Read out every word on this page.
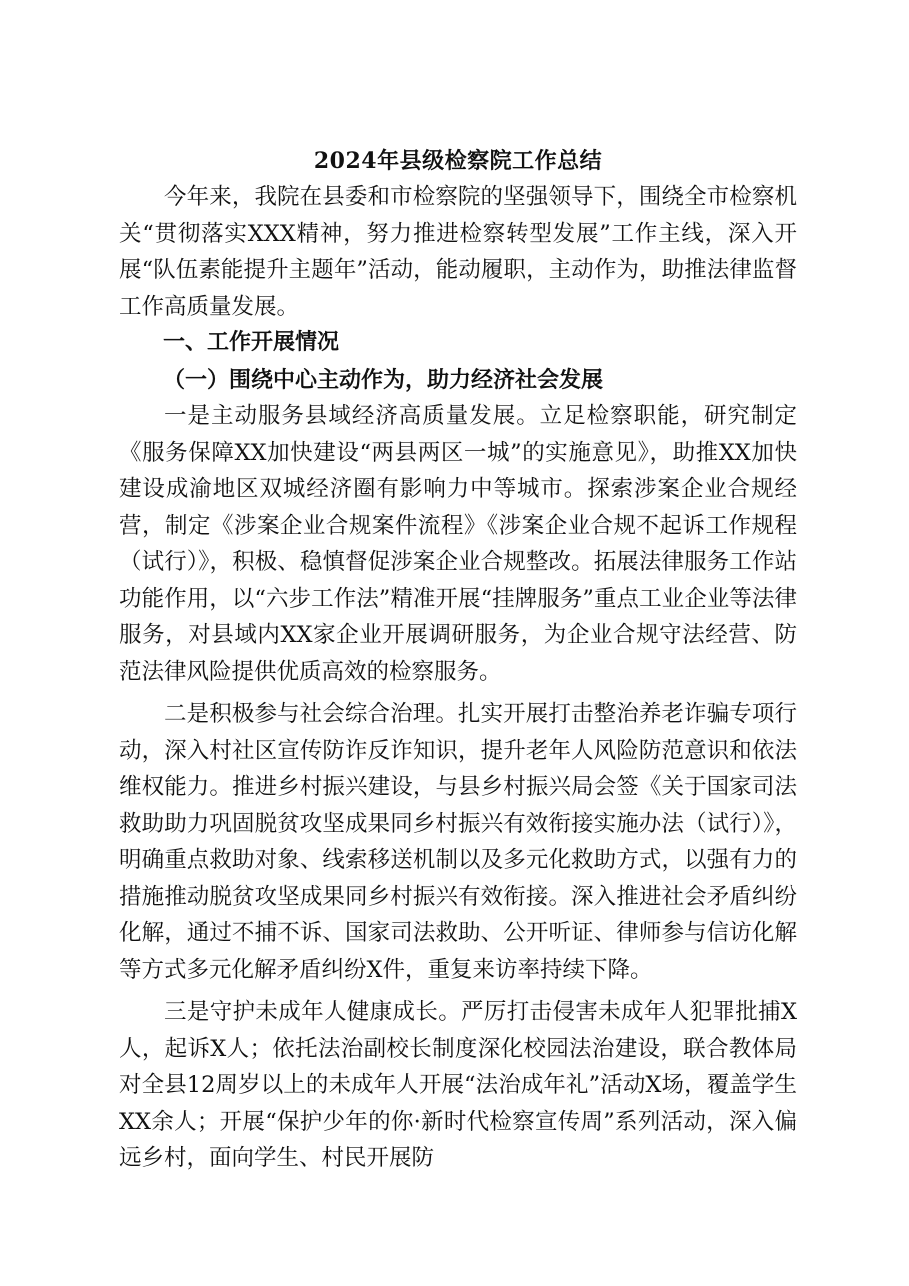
2024年县级检察院工作总结

今年来，我院在县委和市检察院的坚强领导下，围绕全市检察机关“贯彻落实XXX精神，努力推进检察转型发展”工作主线，深入开展“队伍素能提升主题年”活动，能动履职，主动作为，助推法律监督工作高质量发展。

一、工作开展情况

（一）围绕中心主动作为，助力经济社会发展

一是主动服务县域经济高质量发展。立足检察职能，研究制定《服务保障XX加快建设“两县两区一城”的实施意见》，助推XX加快建设成渝地区双城经济圈有影响力中等城市。探索涉案企业合规经营，制定《涉案企业合规案件流程》《涉案企业合规不起诉工作规程（试行）》，积极、稳慎督促涉案企业合规整改。拓展法律服务工作站功能作用，以“六步工作法”精准开展“挂牌服务”重点工业企业等法律服务，对县域内XX家企业开展调研服务，为企业合规守法经营、防范法律风险提供优质高效的检察服务。

二是积极参与社会综合治理。扎实开展打击整治养老诈骗专项行动，深入村社区宣传防诈反诈知识，提升老年人风险防范意识和依法维权能力。推进乡村振兴建设，与县乡村振兴局会签《关于国家司法救助助力巩固脱贫攻坚成果同乡村振兴有效衔接实施办法（试行）》，明确重点救助对象、线索移送机制以及多元化救助方式，以强有力的措施推动脱贫攻坚成果同乡村振兴有效衔接。深入推进社会矛盾纠纷化解，通过不捕不诉、国家司法救助、公开听证、律师参与信访化解等方式多元化解矛盾纠纷X件，重复来访率持续下降。

三是守护未成年人健康成长。严厉打击侵害未成年人犯罪批捕X人，起诉X人；依托法治副校长制度深化校园法治建设，联合教体局对全县12周岁以上的未成年人开展“法治成年礼”活动X场，覆盖学生XX余人；开展“保护少年的你·新时代检察宣传周”系列活动，深入偏远乡村，面向学生、村民开展防
